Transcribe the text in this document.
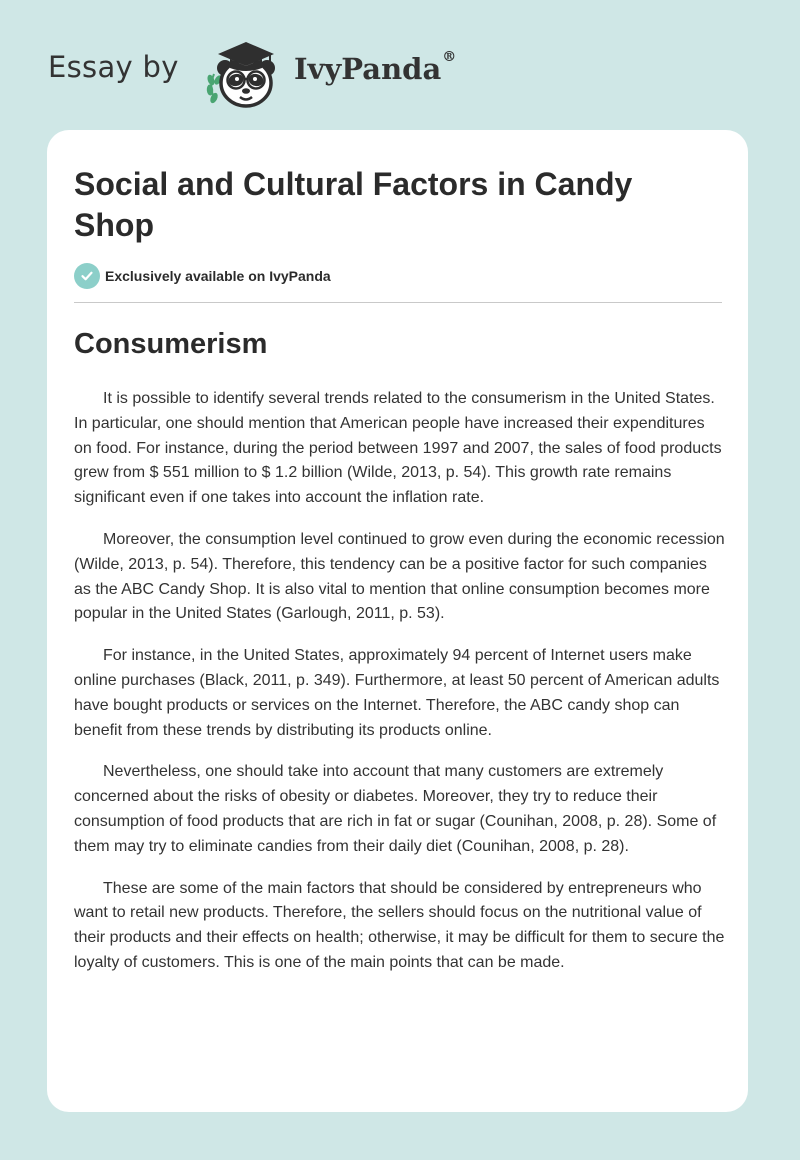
Essay by	IvyPanda®
Social and Cultural Factors in Candy Shop
Exclusively available on IvyPanda
Consumerism

It is possible to identify several trends related to the consumerism in the United States. In particular, one should mention that American people have increased their expenditures on food. For instance, during the period between 1997 and 2007, the sales of food products grew from $ 551 million to $ 1.2 billion (Wilde, 2013, p. 54). This growth rate remains significant even if one takes into account the inflation rate.

Moreover, the consumption level continued to grow even during the economic recession (Wilde, 2013, p. 54). Therefore, this tendency can be a positive factor for such companies as the ABC Candy Shop. It is also vital to mention that online consumption becomes more popular in the United States (Garlough, 2011, p. 53).

For instance, in the United States, approximately 94 percent of Internet users make online purchases (Black, 2011, p. 349). Furthermore, at least 50 percent of American adults have bought products or services on the Internet. Therefore, the ABC candy shop can benefit from these trends by distributing its products online.

Nevertheless, one should take into account that many customers are extremely concerned about the risks of obesity or diabetes. Moreover, they try to reduce their consumption of food products that are rich in fat or sugar (Counihan, 2008, p. 28). Some of them may try to eliminate candies from their daily diet (Counihan, 2008, p. 28).

These are some of the main factors that should be considered by entrepreneurs who want to retail new products. Therefore, the sellers should focus on the nutritional value of their products and their effects on health; otherwise, it may be difficult for them to secure the loyalty of customers. This is one of the main points that can be made.
